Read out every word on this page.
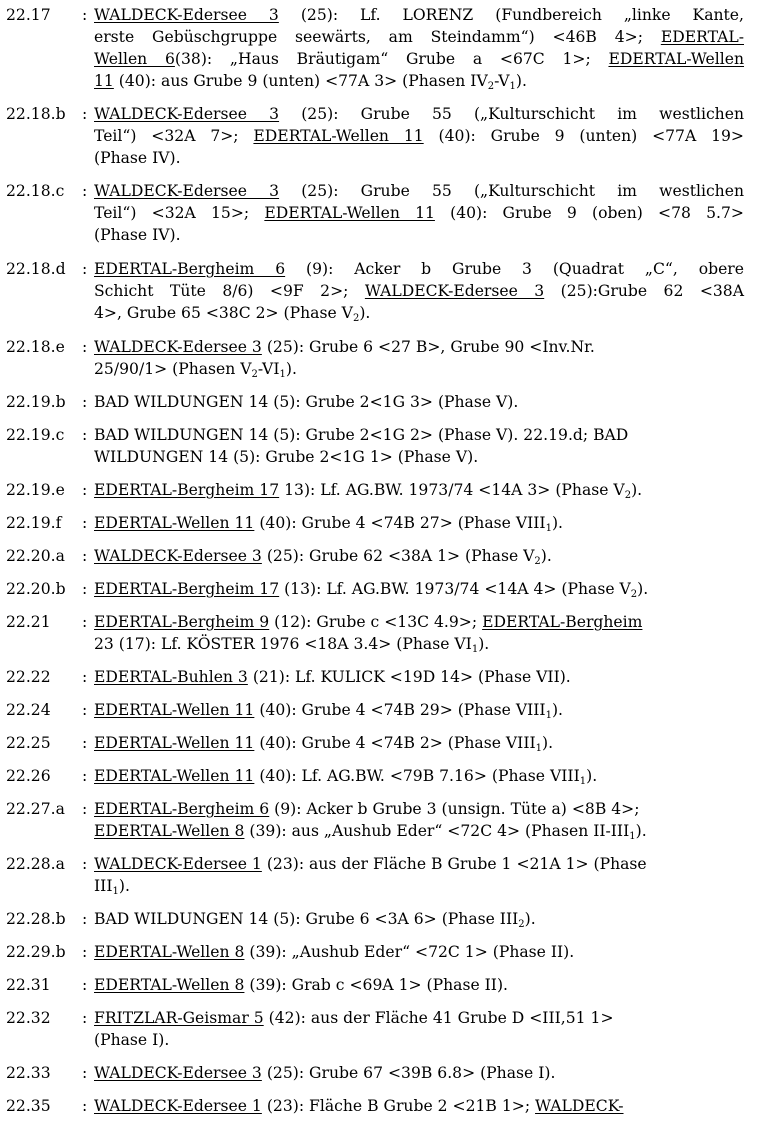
22.17	: WALDECK-Edersee 3 (25): Lf. LORENZ (Fundbereich „linke Kante,
erste Gebüschgruppe seewärts, am Steindamm“) <46B 4>; EDERTAL-
Wellen 6(38): „Haus Bräutigam“ Grube a <67C 1>; EDERTAL-Wellen
11 (40): aus Grube 9 (unten) <77A 3> (Phasen $IV_2-V_1$).
22.18.b	: WALDECK-Edersee 3 (25): Grube 55 („Kulturschicht im westlichen
Teil“) <32A 7>; EDERTAL-Wellen 11 (40): Grube 9 (unten) <77A 19>
(Phase IV).
22.18.c	: WALDECK-Edersee 3 (25): Grube 55 („Kulturschicht im westlichen
Teil“) <32A 15>; EDERTAL-Wellen 11 (40): Grube 9 (oben) <78 5.7>
(Phase IV).
22.18.d	: EDERTAL-Bergheim 6 (9): Acker b Grube 3 (Quadrat „C“, obere
Schicht Tüte 8/6) <9F 2>; WALDECK-Edersee 3 (25):Grube 62 <38A
4>, Grube 65 <38C 2> (Phase $V_2$).
22.18.e	: WALDECK-Edersee 3 (25): Grube 6 <27 B>, Grube 90 <Inv.Nr.
25/90/1> (Phasen $V_2-VI_1$).
22.19.b	: BAD WILDUNGEN 14 (5): Grube 2<1G 3> (Phase V).
22.19.c	: BAD WILDUNGEN 14 (5): Grube 2<1G 2> (Phase V). 22.19.d; BAD
WILDUNGEN 14 (5): Grube 2<1G 1> (Phase V).
22.19.e	: EDERTAL-Bergheim 17 13): Lf. AG.BW. 1973/74 <14A 3> (Phase $V_2$).
22.19.f	: EDERTAL-Wellen 11 (40): Grube 4 <74B 27> (Phase $VIII_1$).
22.20.a	: WALDECK-Edersee 3 (25): Grube 62 <38A 1> (Phase $V_2$).
22.20.b	: EDERTAL-Bergheim 17 (13): Lf. AG.BW. 1973/74 <14A 4> (Phase $V_2$).
22.21	: EDERTAL-Bergheim 9 (12): Grube c <13C 4.9>; EDERTAL-Bergheim
23 (17): Lf. KÖSTER 1976 <18A 3.4> (Phase $VI_1$).
22.22	: EDERTAL-Buhlen 3 (21): Lf. KULICK <19D 14> (Phase VII).
22.24	: EDERTAL-Wellen 11 (40): Grube 4 <74B 29> (Phase $VIII_1$).
22.25	: EDERTAL-Wellen 11 (40): Grube 4 <74B 2> (Phase $VIII_1$).
22.26	: EDERTAL-Wellen 11 (40): Lf. AG.BW. <79B 7.16> (Phase $VIII_1$).
22.27.a	: EDERTAL-Bergheim 6 (9): Acker b Grube 3 (unsign. Tüte a) <8B 4>;
EDERTAL-Wellen 8 (39): aus „Aushub Eder“ <72C 4> (Phasen $II-III_1$).
22.28.a	: WALDECK-Edersee 1 (23): aus der Fläche B Grube 1 <21A 1> (Phase
$III_1$).
22.28.b	: BAD WILDUNGEN 14 (5): Grube 6 <3A 6> (Phase $III_2$).
22.29.b	: EDERTAL-Wellen 8 (39): „Aushub Eder“ <72C 1> (Phase II).
22.31	: EDERTAL-Wellen 8 (39): Grab c <69A 1> (Phase II).
22.32	: FRITZLAR-Geismar 5 (42): aus der Fläche 41 Grube D <III,51 1>
(Phase I).
22.33	: WALDECK-Edersee 3 (25): Grube 67 <39B 6.8> (Phase I).
22.35	: WALDECK-Edersee 1 (23): Fläche B Grube 2 <21B 1>; WALDECK-
